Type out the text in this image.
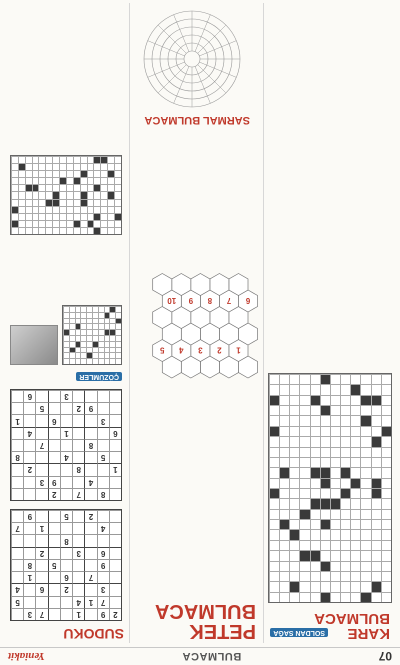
07
BULMACA
Yeniakit
KARE
BULMACA
SOLDAN SAĞA
PETEK
BULMACA
1
2
3
4
5
6
7
8
9
10
SARMAL BULMACA
SUDOKU
2
9
1
7
3
7
1
4
5
3
2
6
4
7
6
1
9
5
8
6
3
2
8
4
1
7
2
5
9
8
7
2
4
9
3
1
8
2
5
4
8
8
7
6
1
4
3
6
1
9
2
5
3
6
ÇÖZÜMLER
